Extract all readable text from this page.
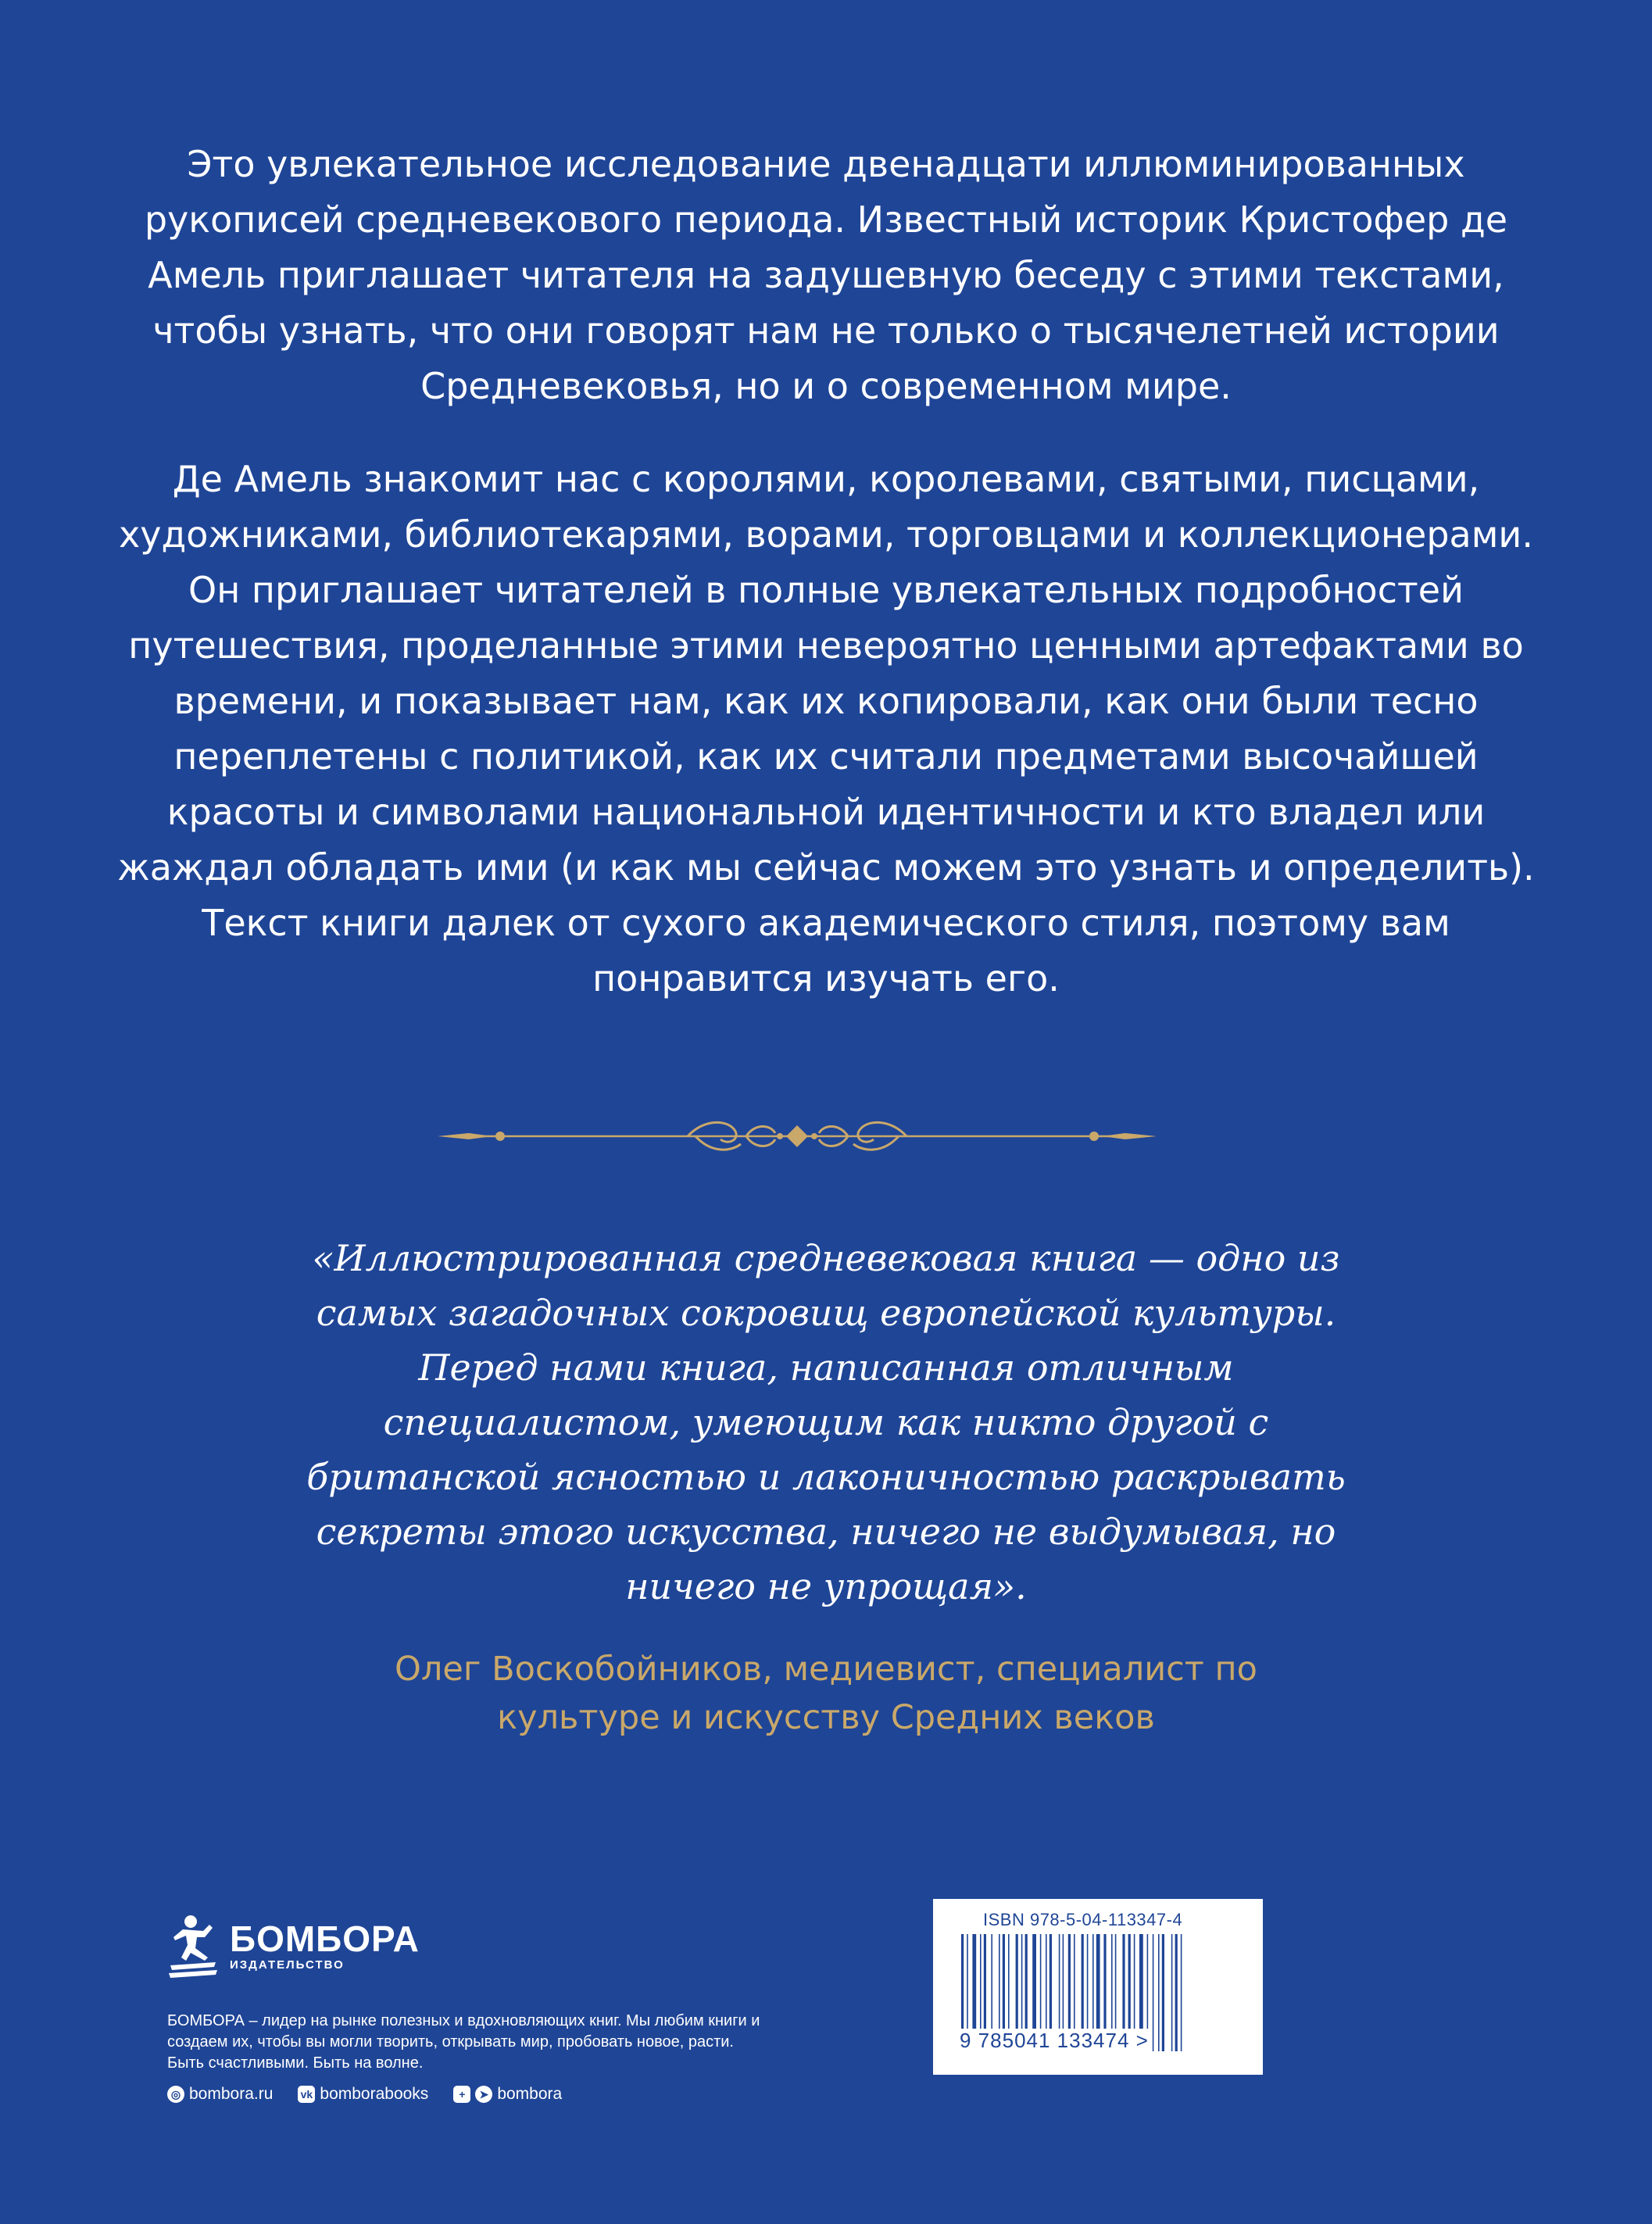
Это увлекательное исследование двенадцати иллюминированных рукописей средневекового периода. Известный историк Кристофер де Амель приглашает читателя на задушевную беседу с этими текстами, чтобы узнать, что они говорят нам не только о тысячелетней истории Средневековья, но и о современном мире.

Де Амель знакомит нас с королями, королевами, святыми, писцами, художниками, библиотекарями, ворами, торговцами и коллекционерами. Он приглашает читателей в полные увлекательных подробностей путешествия, проделанные этими невероятно ценными артефактами во времени, и показывает нам, как их копировали, как они были тесно переплетены с политикой, как их считали предметами высочайшей красоты и символами национальной идентичности и кто владел или жаждал обладать ими (и как мы сейчас можем это узнать и определить). Текст книги далек от сухого академического стиля, поэтому вам понравится изучать его.

«Иллюстрированная средневековая книга — одно из самых загадочных сокровищ европейской культуры. Перед нами книга, написанная отличным специалистом, умеющим как никто другой с британской ясностью и лаконичностью раскрывать секреты этого искусства, ничего не выдумывая, но ничего не упрощая».

Олег Воскобойников, медиевист, специалист по культуре и искусству Средних веков
БОМБОРА
ИЗДАТЕЛЬСТВО
БОМБОРА – лидер на рынке полезных и вдохновляющих книг. Мы любим книги и создаем их, чтобы вы могли творить, открывать мир, пробовать новое, расти. Быть счастливыми. Быть на волне.
◎ bombora.ru	vk bomborabooks	+	➤ bombora
ISBN 978-5-04-113347-4
9 785041 133474 >
